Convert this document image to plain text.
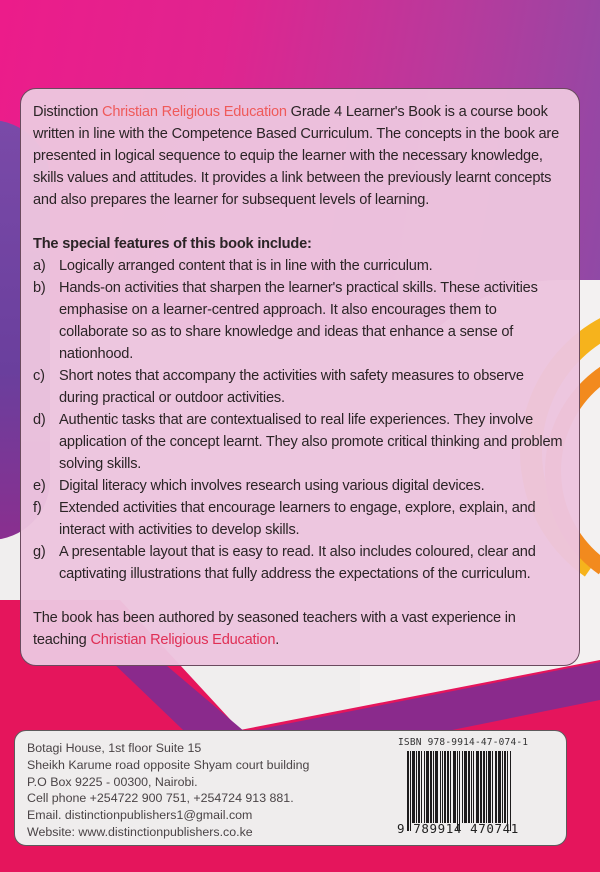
Distinction Christian Religious Education Grade 4 Learner's Book is a course book written in line with the Competence Based Curriculum. The concepts in the book are presented in logical sequence to equip the learner with the necessary knowledge, skills values and attitudes. It provides a link between the previously learnt concepts and also prepares the learner for subsequent levels of learning.

The special features of this book include:

a) Logically arranged content that is in line with the curriculum.
b) Hands-on activities that sharpen the learner's practical skills. These activities emphasise on a learner-centred approach. It also encourages them to collaborate so as to share knowledge and ideas that enhance a sense of nationhood.
c) Short notes that accompany the activities with safety measures to observe during practical or outdoor activities.
d) Authentic tasks that are contextualised to real life experiences. They involve application of the concept learnt. They also promote critical thinking and problem solving skills.
e) Digital literacy which involves research using various digital devices.
f)	Extended activities that encourage learners to engage, explore, explain, and interact with activities to develop skills.
g) A presentable layout that is easy to read. It also includes coloured, clear and captivating illustrations that fully address the expectations of the curriculum.

The book has been authored by seasoned teachers with a vast experience in teaching Christian Religious Education.

Botagi House, 1st floor Suite 15
Sheikh Karume road opposite Shyam court building
P.O Box 9225 - 00300, Nairobi.
Cell phone +254722 900 751, +254724 913 881.
Email. distinctionpublishers1@gmail.com
Website: www.distinctionpublishers.co.ke
ISBN 978-9914-47-074-1
9 789914 470741
